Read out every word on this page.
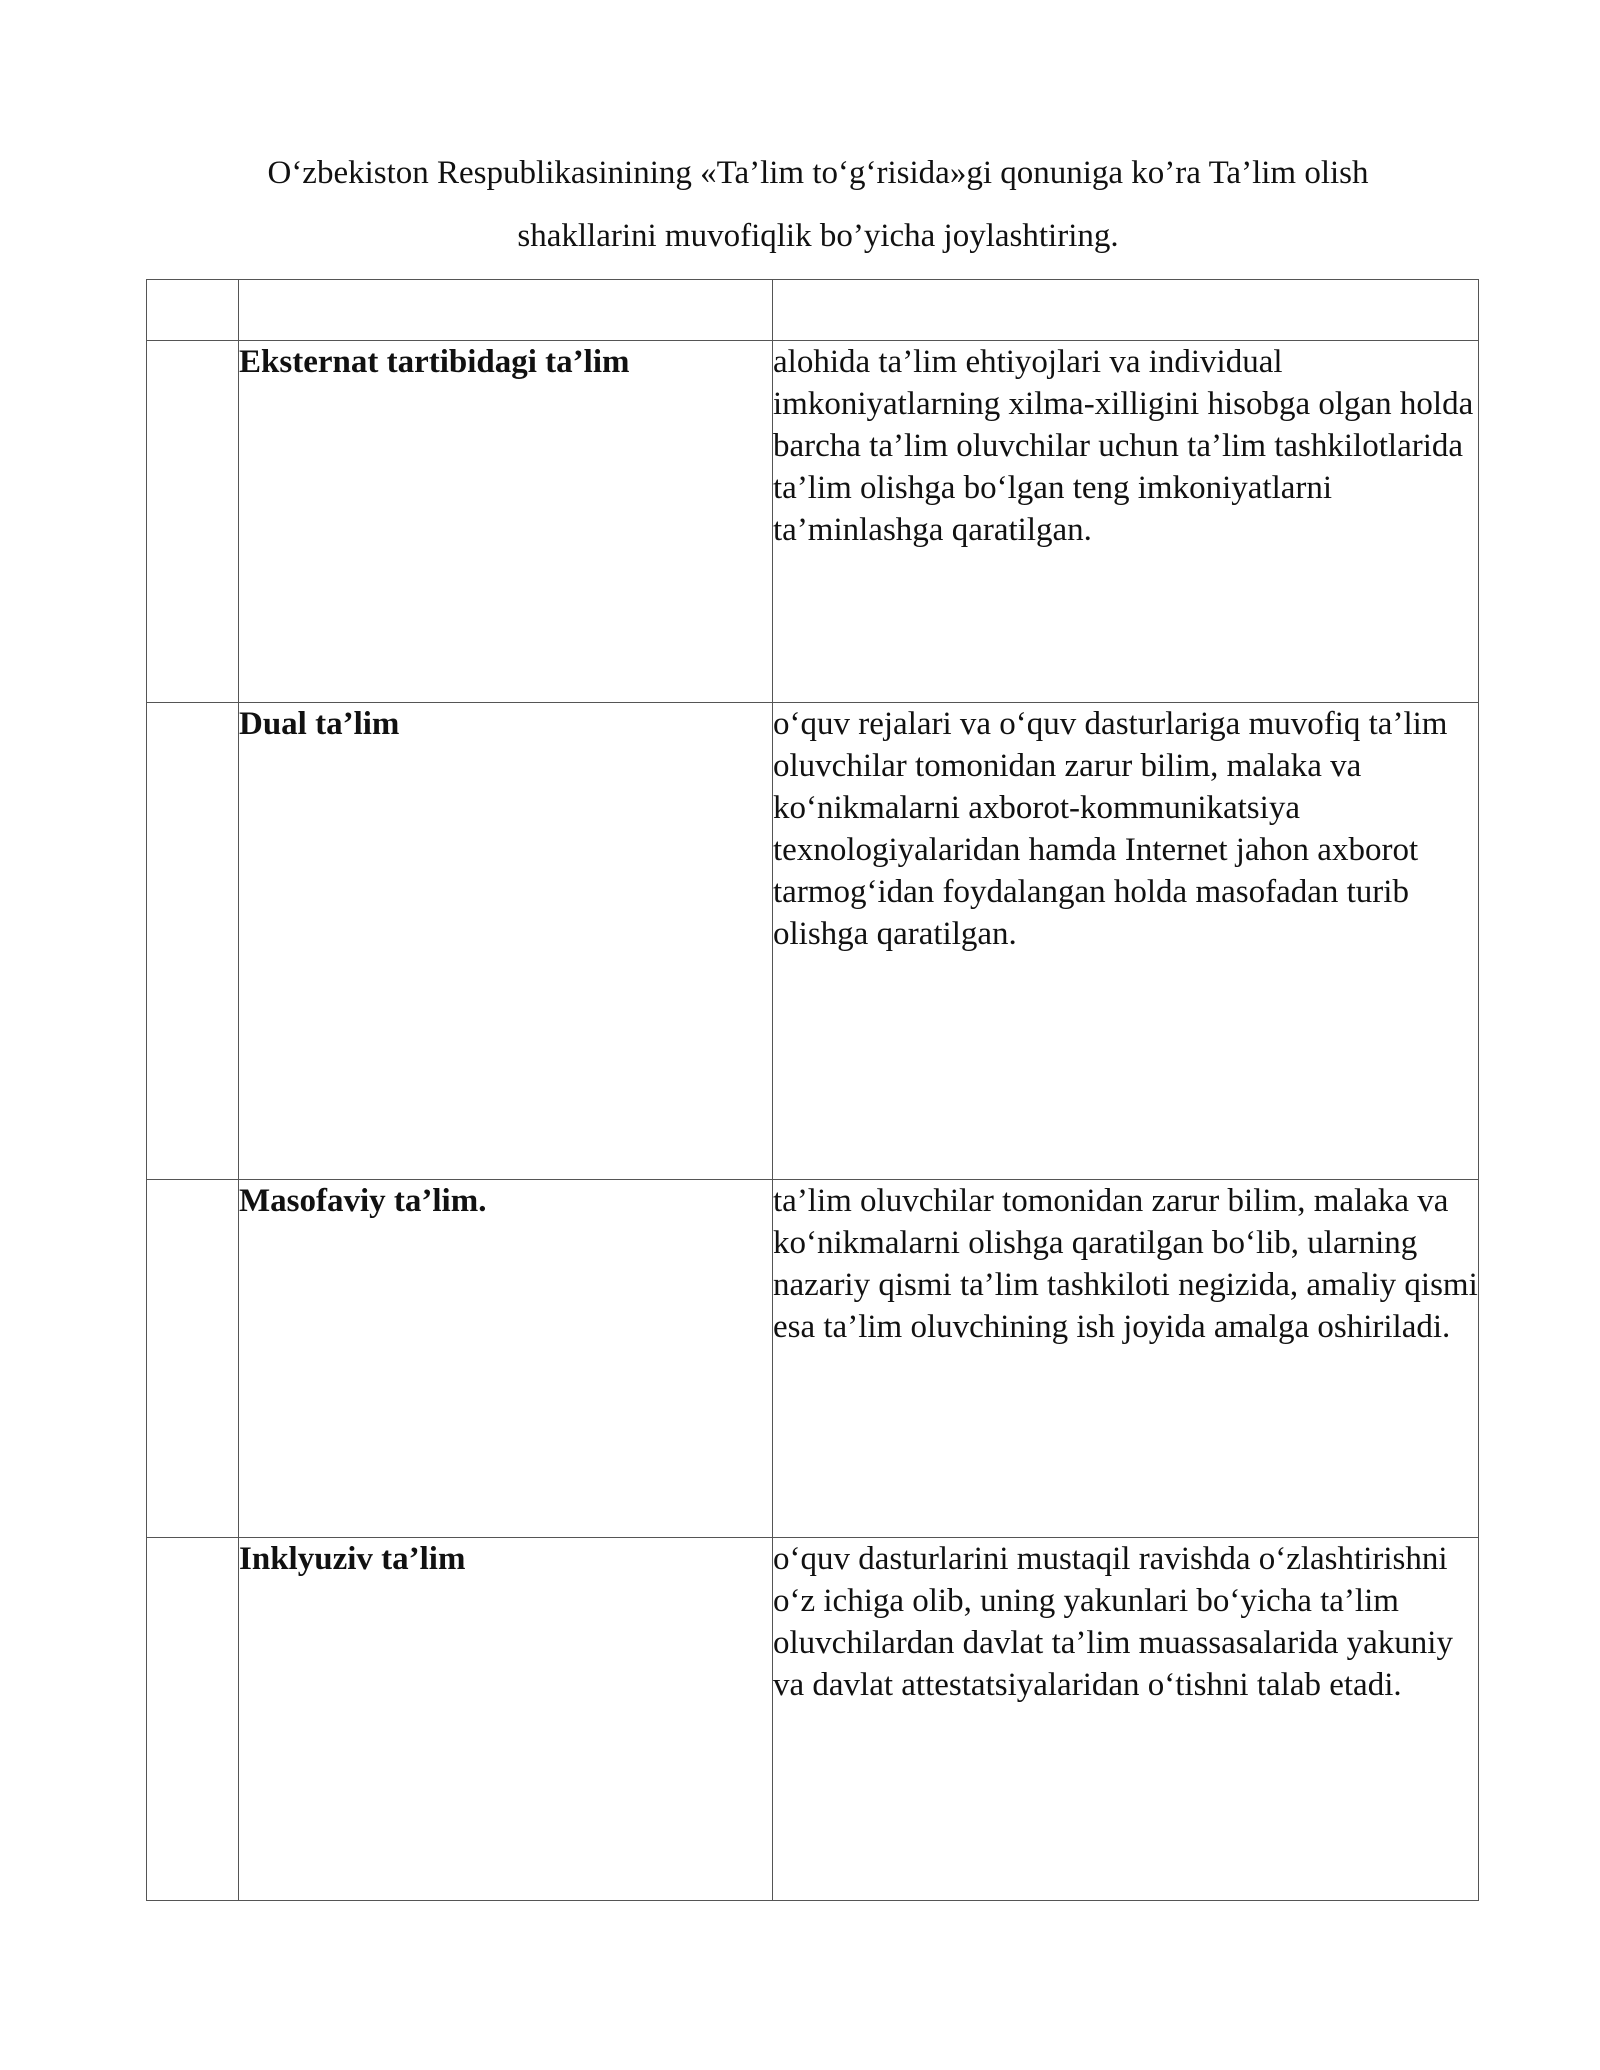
O‘zbekiston Respublikasinining «Ta’lim to‘g‘risida»gi qonuniga ko’ra Ta’lim olish
shakllarini muvofiqlik bo’yicha joylashtiring.

	Eksternat tartibidagi ta’lim	alohida ta’lim ehtiyojlari va individual imkoniyatlarning xilma-xilligini hisobga olgan holda barcha ta’lim oluvchilar uchun ta’lim tashkilotlarida ta’lim olishga bo‘lgan teng imkoniyatlarni ta’minlashga qaratilgan.
	Dual ta’lim	o‘quv rejalari va o‘quv dasturlariga muvofiq ta’lim oluvchilar tomonidan zarur bilim, malaka va ko‘nikmalarni axborot-kommunikatsiya texnologiyalaridan hamda Internet jahon axborot tarmog‘idan foydalangan holda masofadan turib olishga qaratilgan.
	Masofaviy ta’lim.	ta’lim oluvchilar tomonidan zarur bilim, malaka va ko‘nikmalarni olishga qaratilgan bo‘lib, ularning nazariy qismi ta’lim tashkiloti negizida, amaliy qismi esa ta’lim oluvchining ish joyida amalga oshiriladi.
	Inklyuziv ta’lim	o‘quv dasturlarini mustaqil ravishda o‘zlashtirishni o‘z ichiga olib, uning yakunlari bo‘yicha ta’lim oluvchilardan davlat ta’lim muassasalarida yakuniy va davlat attestatsiyalaridan o‘tishni talab etadi.
